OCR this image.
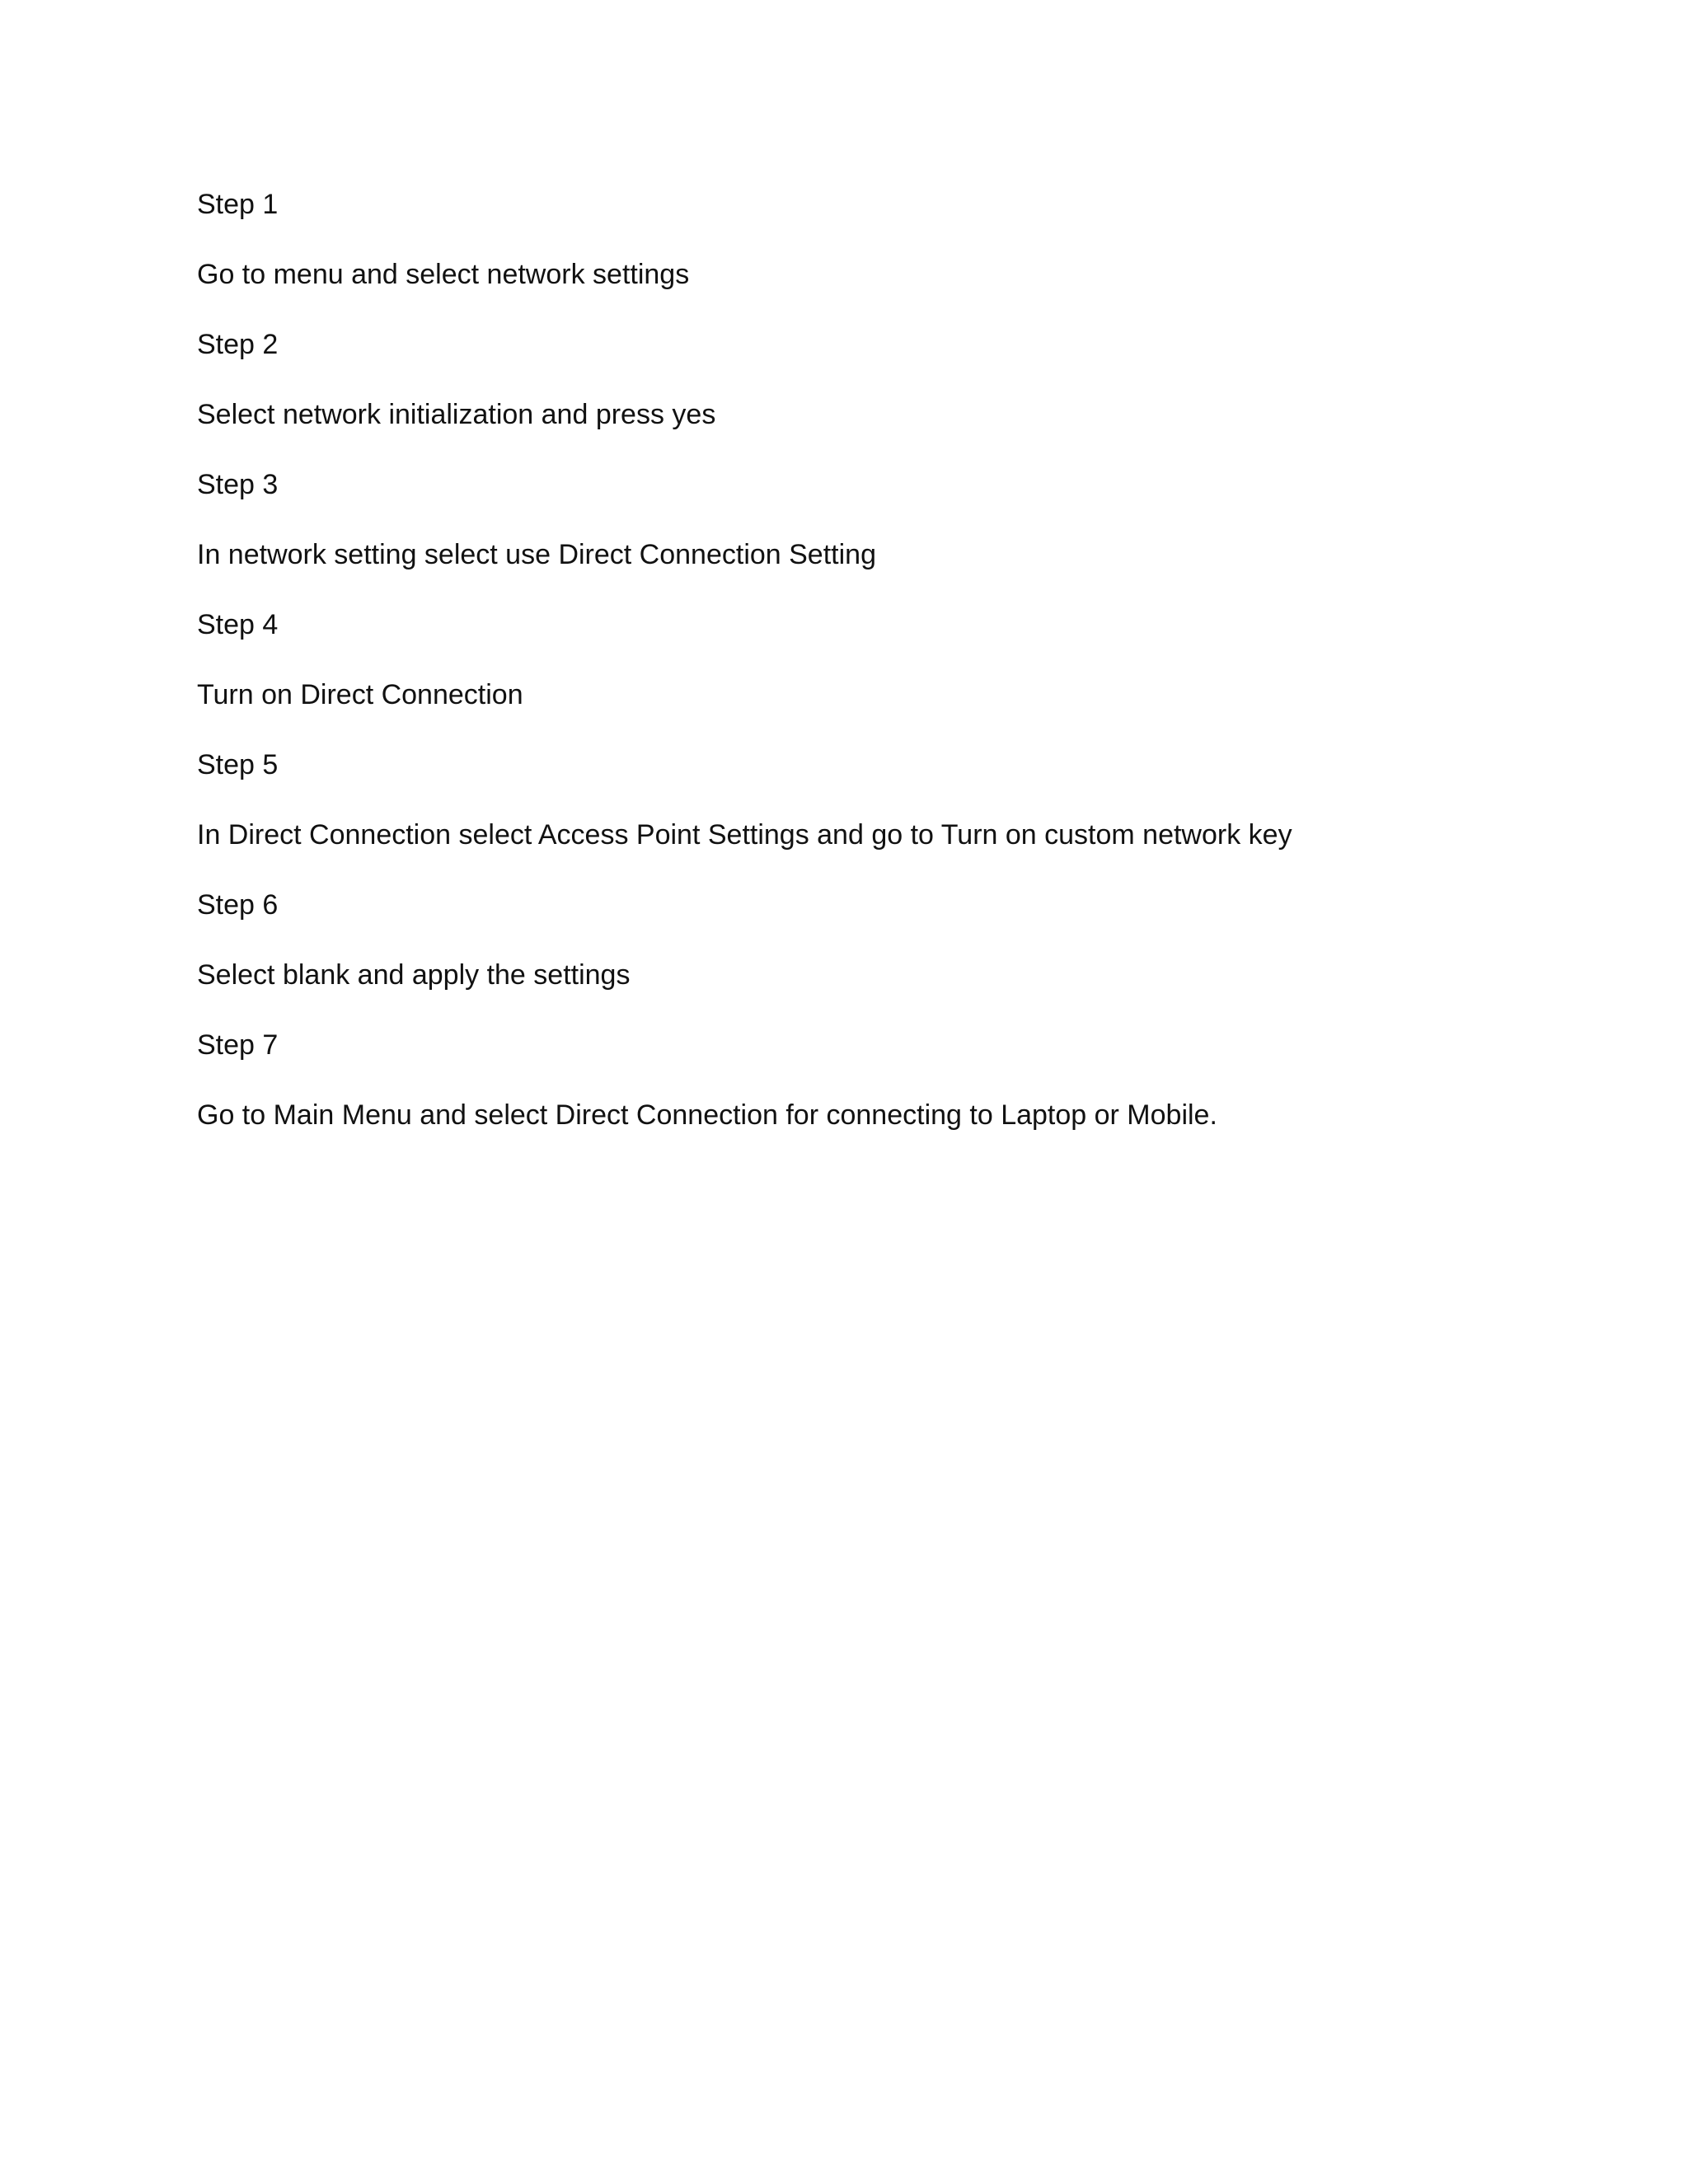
Step 1
Go to menu and select network settings
Step 2
Select network initialization and press yes
Step 3
In network setting select use Direct Connection Setting
Step 4
Turn on Direct Connection
Step 5
In Direct Connection select Access Point Settings and go to Turn on custom network key
Step 6
Select blank and apply the settings
Step 7
Go to Main Menu and select Direct Connection for connecting to Laptop or Mobile.
